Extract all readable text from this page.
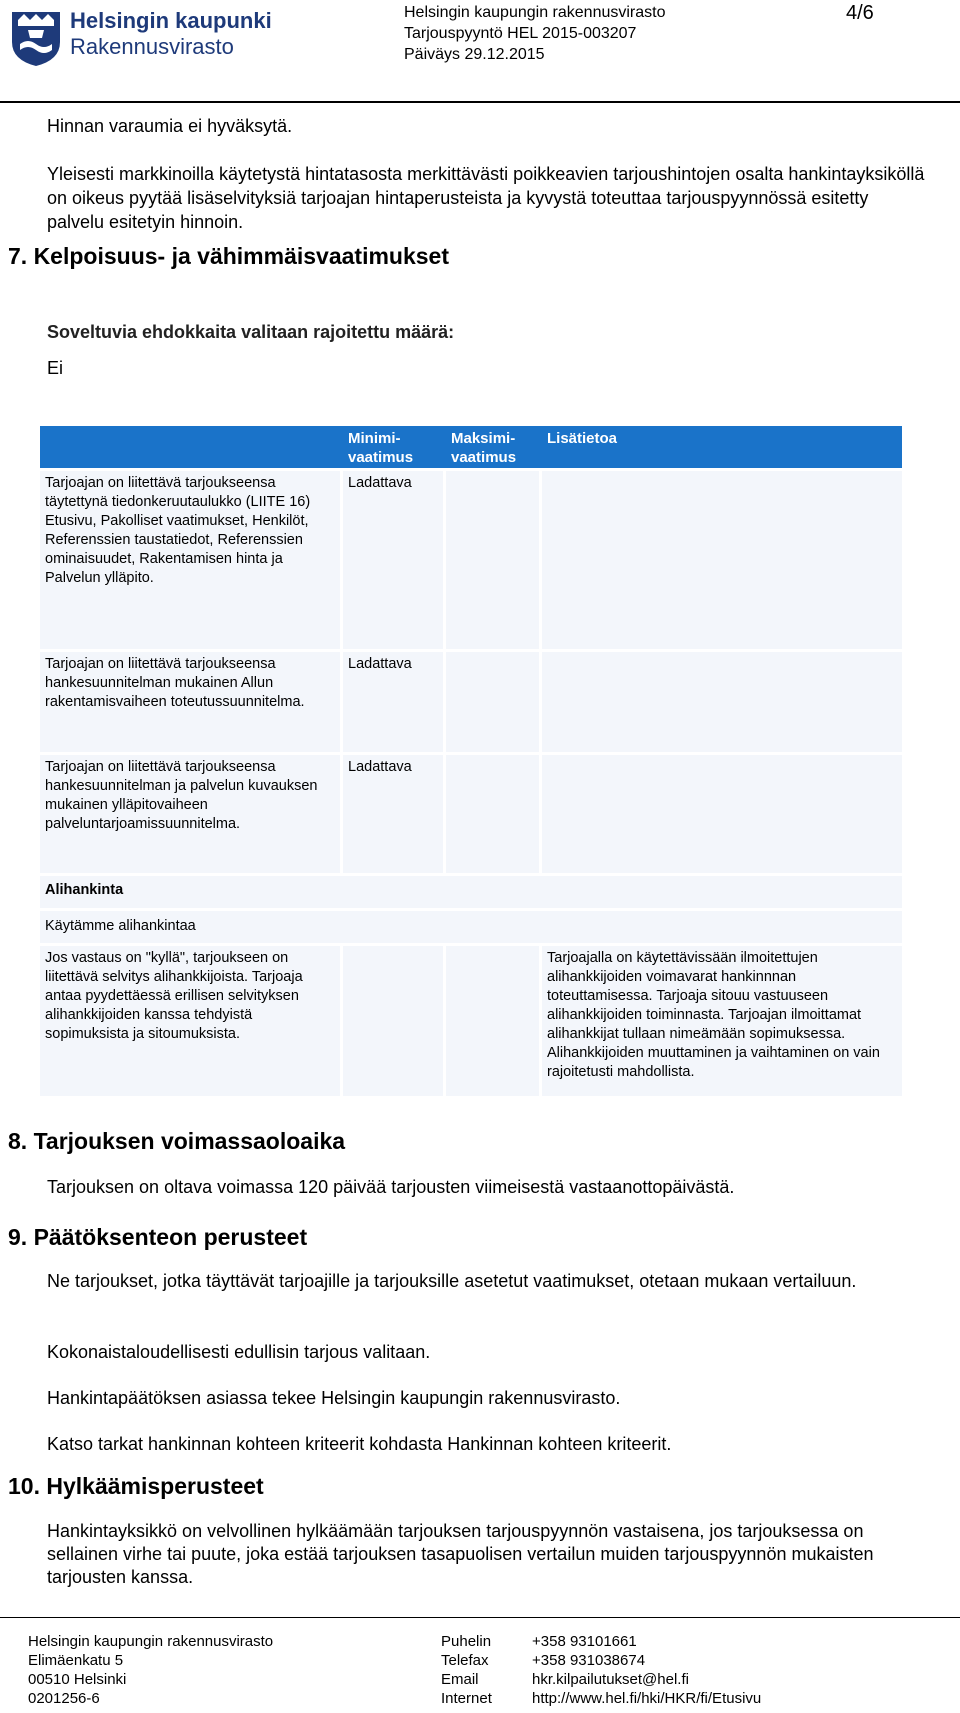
Helsingin kaupunki
Rakennusvirasto
Helsingin kaupungin rakennusvirasto
Tarjouspyyntö HEL 2015-003207
Päiväys 29.12.2015
4/6
Hinnan varaumia ei hyväksytä.
Yleisesti markkinoilla käytetystä hintatasosta merkittävästi poikkeavien tarjoushintojen osalta hankintayksiköllä on oikeus pyytää lisäselvityksiä tarjoajan hintaperusteista ja kyvystä toteuttaa tarjouspyynnössä esitetty palvelu esitetyin hinnoin.
7. Kelpoisuus- ja vähimmäisvaatimukset
Soveltuvia ehdokkaita valitaan rajoitettu määrä:
Ei
Minimi-vaatimus
Maksimi-vaatimus
Lisätietoa
Tarjoajan on liitettävä tarjoukseensa täytettynä tiedonkeruutaulukko (LIITE 16) Etusivu, Pakolliset vaatimukset, Henkilöt, Referenssien taustatiedot, Referenssien ominaisuudet, Rakentamisen hinta ja Palvelun ylläpito.
Ladattava
Tarjoajan on liitettävä tarjoukseensa hankesuunnitelman mukainen Allun rakentamisvaiheen toteutussuunnitelma.
Ladattava
Tarjoajan on liitettävä tarjoukseensa hankesuunnitelman ja palvelun kuvauksen mukainen ylläpitovaiheen palveluntarjoamissuunnitelma.
Ladattava
Alihankinta
Käytämme alihankintaa
Jos vastaus on "kyllä", tarjoukseen on liitettävä selvitys alihankkijoista. Tarjoaja antaa pyydettäessä erillisen selvityksen alihankkijoiden kanssa tehdyistä sopimuksista ja sitoumuksista.
Tarjoajalla on käytettävissään ilmoitettujen alihankkijoiden voimavarat hankinnnan toteuttamisessa. Tarjoaja sitouu vastuuseen alihankkijoiden toiminnasta. Tarjoajan ilmoittamat alihankkijat tullaan nimeämään sopimuksessa. Alihankkijoiden muuttaminen ja vaihtaminen on vain rajoitetusti mahdollista.
8. Tarjouksen voimassaoloaika
Tarjouksen on oltava voimassa 120 päivää tarjousten viimeisestä vastaanottopäivästä.
9. Päätöksenteon perusteet
Ne tarjoukset, jotka täyttävät tarjoajille ja tarjouksille asetetut vaatimukset, otetaan mukaan vertailuun.
Kokonaistaloudellisesti edullisin tarjous valitaan.
Hankintapäätöksen asiassa tekee Helsingin kaupungin rakennusvirasto.
Katso tarkat hankinnan kohteen kriteerit kohdasta Hankinnan kohteen kriteerit.
10. Hylkäämisperusteet
Hankintayksikkö on velvollinen hylkäämään tarjouksen tarjouspyynnön vastaisena, jos tarjouksessa on sellainen virhe tai puute, joka estää tarjouksen tasapuolisen vertailun muiden tarjouspyynnön mukaisten tarjousten kanssa.
Helsingin kaupungin rakennusvirasto
Elimäenkatu 5
00510 Helsinki
0201256-6
Puhelin
Telefax
Email
Internet
+358 93101661
+358 931038674
hkr.kilpailutukset@hel.fi
http://www.hel.fi/hki/HKR/fi/Etusivu
